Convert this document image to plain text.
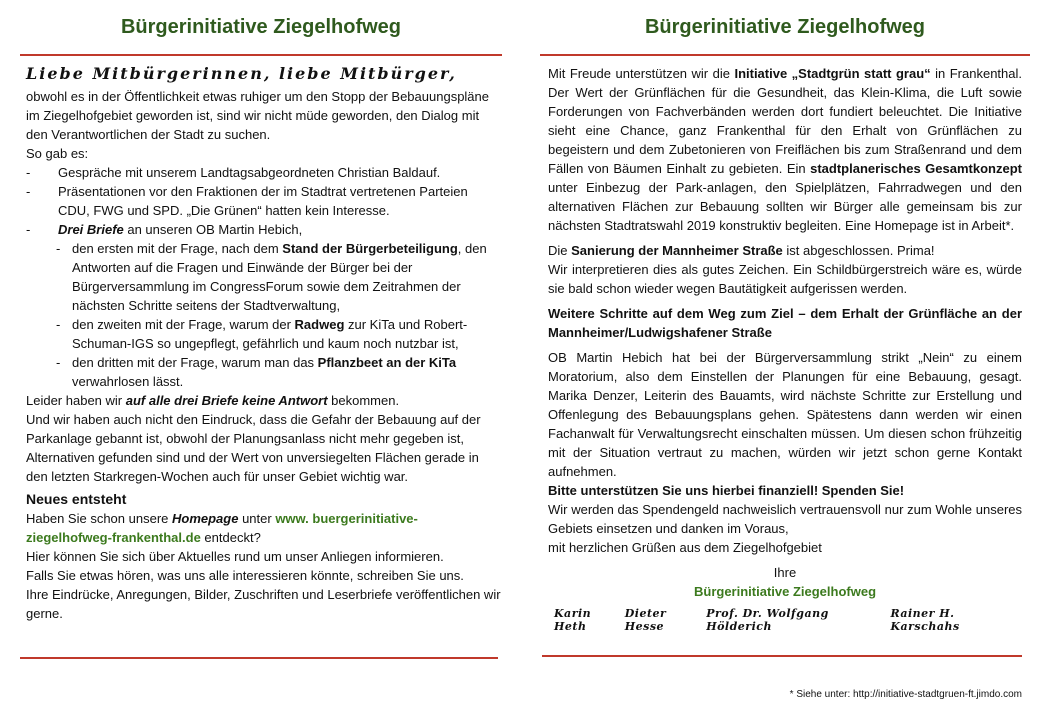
Bürgerinitiative Ziegelhofweg
Liebe Mitbürgerinnen, liebe Mitbürger,

obwohl es in der Öffentlichkeit etwas ruhiger um den Stopp der Bebauungspläne im Ziegelhofgebiet geworden ist, sind wir nicht müde geworden, den Dialog mit den Verantwortlichen der Stadt zu suchen.

So gab es:

-	Gespräche mit unserem Landtagsabgeordneten Christian Baldauf.
-	Präsentationen vor den Fraktionen der im Stadtrat vertretenen Parteien CDU, FWG und SPD. „Die Grünen“ hatten kein Interesse.
-	Drei Briefe an unseren OB Martin Hebich,
- den ersten mit der Frage, nach dem Stand der Bürgerbeteiligung, den Antworten auf die Fragen und Einwände der Bürger bei der Bürgerversammlung im CongressForum sowie dem Zeitrahmen der nächsten Schritte seitens der Stadtverwaltung,
- den zweiten mit der Frage, warum der Radweg zur KiTa und Robert-Schuman-IGS so ungepflegt, gefährlich und kaum noch nutzbar ist,
- den dritten mit der Frage, warum man das Pflanzbeet an der KiTa verwahrlosen lässt.

Leider haben wir auf alle drei Briefe keine Antwort bekommen.

Und wir haben auch nicht den Eindruck, dass die Gefahr der Bebauung auf der Parkanlage gebannt ist, obwohl der Planungsanlass nicht mehr gegeben ist, Alternativen gefunden sind und der Wert von unversiegelten Flächen gerade in den letzten Starkregen-Wochen auch für unser Gebiet wichtig war.

Neues entsteht

Haben Sie schon unsere Homepage unter www. buergerinitiative-ziegelhofweg-frankenthal.de entdeckt?

Hier können Sie sich über Aktuelles rund um unser Anliegen informieren.

Falls Sie etwas hören, was uns alle interessieren könnte, schreiben Sie uns.

Ihre Eindrücke, Anregungen, Bilder, Zuschriften und Leserbriefe veröffentlichen wir gerne.

Bürgerinitiative Ziegelhofweg

Mit Freude unterstützen wir die Initiative „Stadtgrün statt grau“ in Frankenthal. Der Wert der Grünflächen für die Gesundheit, das Klein-Klima, die Luft sowie Forderungen von Fachverbänden werden dort fundiert beleuchtet. Die Initiative sieht eine Chance, ganz Frankenthal für den Erhalt von Grünflächen zu begeistern und dem Zubetonieren von Freiflächen bis zum Straßenrand und dem Fällen von Bäumen Einhalt zu gebieten. Ein stadtplanerisches Gesamtkonzept unter Einbezug der Park-anlagen, den Spielplätzen, Fahrradwegen und den alternativen Flächen zur Bebauung sollten wir Bürger alle gemeinsam bis zur nächsten Stadtratswahl 2019 konstruktiv begleiten. Eine Homepage ist in Arbeit*.

Die Sanierung der Mannheimer Straße ist abgeschlossen. Prima!
Wir interpretieren dies als gutes Zeichen. Ein Schildbürgerstreich wäre es, würde sie bald schon wieder wegen Bautätigkeit aufgerissen werden.

Weitere Schritte auf dem Weg zum Ziel – dem Erhalt der Grünfläche an der Mannheimer/Ludwigshafener Straße

OB Martin Hebich hat bei der Bürgerversammlung strikt „Nein“ zu einem Moratorium, also dem Einstellen der Planungen für eine Bebauung, gesagt. Marika Denzer, Leiterin des Bauamts, wird nächste Schritte zur Erstellung und Offenlegung des Bebauungsplans gehen. Spätestens dann werden wir einen Fachanwalt für Verwaltungsrecht einschalten müssen. Um diesen schon frühzeitig mit der Situation vertraut zu machen, würden wir jetzt schon gerne Kontakt aufnehmen.

Bitte unterstützen Sie uns hierbei finanziell! Spenden Sie!

Wir werden das Spendengeld nachweislich vertrauensvoll nur zum Wohle unseres Gebiets einsetzen und danken im Voraus,

mit herzlichen Grüßen aus dem Ziegelhofgebiet

Ihre

Bürgerinitiative Ziegelhofweg

Karin Heth
Dieter Hesse
Prof. Dr. Wolfgang Hölderich
Rainer H. Karschahs
* Siehe unter: http://initiative-stadtgruen-ft.jimdo.com
